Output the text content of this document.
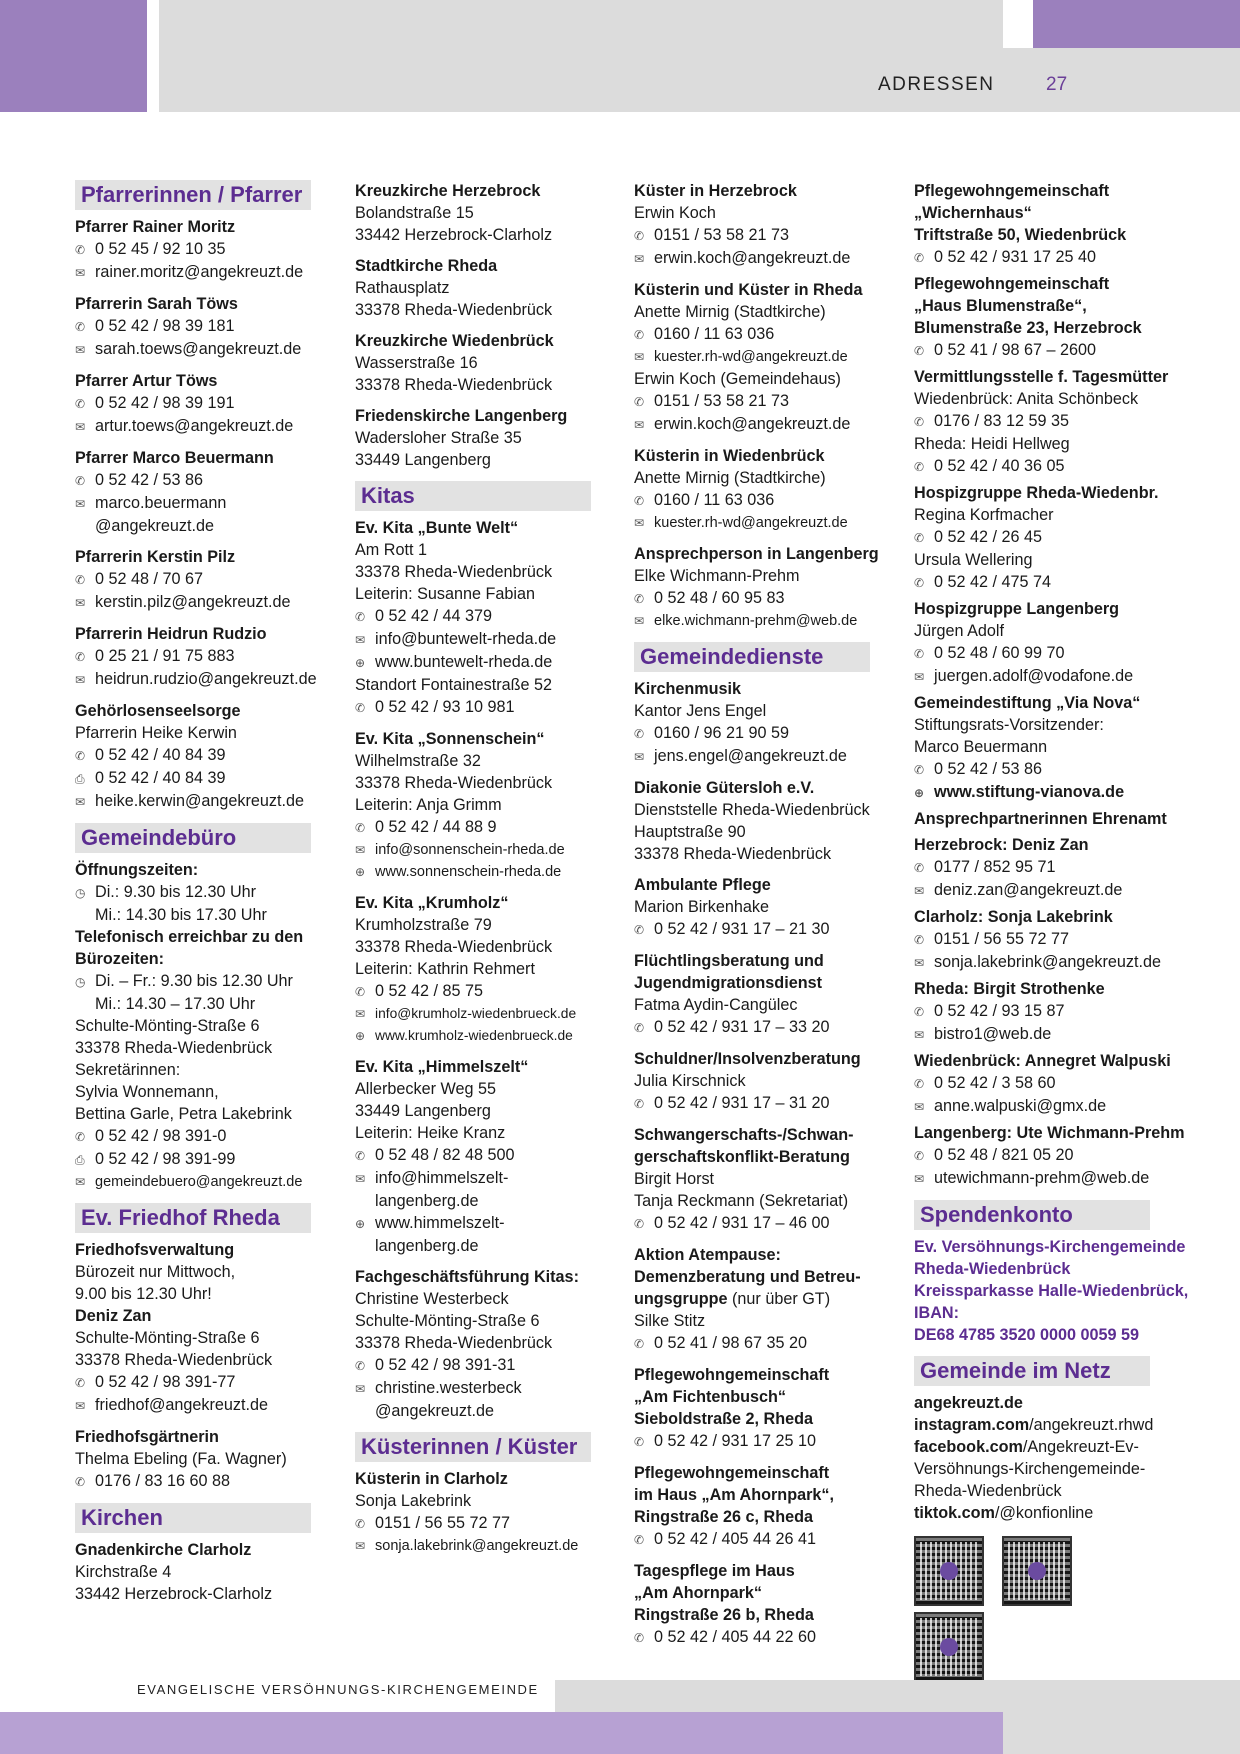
ADRESSEN	27
Pfarrerinnen / Pfarrer
Pfarrer Rainer Moritz
✆ 0 52 45 / 92 10 35
✉ rainer.moritz@angekreuzt.de
Pfarrerin Sarah Töws
✆ 0 52 42 / 98 39 181
✉ sarah.toews@angekreuzt.de
Pfarrer Artur Töws
✆ 0 52 42 / 98 39 191
✉ artur.toews@angekreuzt.de
Pfarrer Marco Beuermann
✆ 0 52 42 / 53 86
✉ marco.beuermann
@angekreuzt.de
Pfarrerin Kerstin Pilz
✆ 0 52 48 / 70 67
✉ kerstin.pilz@angekreuzt.de
Pfarrerin Heidrun Rudzio
✆ 0 25 21 / 91 75 883
✉ heidrun.rudzio@angekreuzt.de
Gehörlosenseelsorge
Pfarrerin Heike Kerwin
✆ 0 52 42 / 40 84 39
⎙ 0 52 42 / 40 84 39
✉ heike.kerwin@angekreuzt.de
Gemeindebüro
Öffnungszeiten:
◷ Di.: 9.30 bis 12.30 Uhr
Mi.: 14.30 bis 17.30 Uhr
Telefonisch erreichbar zu den
Bürozeiten:
◷ Di. – Fr.: 9.30 bis 12.30 Uhr
Mi.: 14.30 – 17.30 Uhr
Schulte-Mönting-Straße 6
33378 Rheda-Wiedenbrück
Sekretärinnen:
Sylvia Wonnemann,
Bettina Garle, Petra Lakebrink
✆ 0 52 42 / 98 391-0
⎙ 0 52 42 / 98 391-99
✉ gemeindebuero@angekreuzt.de
Ev. Friedhof Rheda
Friedhofsverwaltung
Bürozeit nur Mittwoch,
9.00 bis 12.30 Uhr!
Deniz Zan
Schulte-Mönting-Straße 6
33378 Rheda-Wiedenbrück
✆ 0 52 42 / 98 391-77
✉ friedhof@angekreuzt.de
Friedhofsgärtnerin
Thelma Ebeling (Fa. Wagner)
✆ 0176 / 83 16 60 88
Kirchen
Gnadenkirche Clarholz
Kirchstraße 4
33442 Herzebrock-Clarholz
Kreuzkirche Herzebrock
Bolandstraße 15
33442 Herzebrock-Clarholz
Stadtkirche Rheda
Rathausplatz
33378 Rheda-Wiedenbrück
Kreuzkirche Wiedenbrück
Wasserstraße 16
33378 Rheda-Wiedenbrück
Friedenskirche Langenberg
Wadersloher Straße 35
33449 Langenberg
Kitas
Ev. Kita „Bunte Welt“
Am Rott 1
33378 Rheda-Wiedenbrück
Leiterin: Susanne Fabian
✆ 0 52 42 / 44 379
✉ info@buntewelt-rheda.de
⊕ www.buntewelt-rheda.de
Standort Fontainestraße 52
✆ 0 52 42 / 93 10 981
Ev. Kita „Sonnenschein“
Wilhelmstraße 32
33378 Rheda-Wiedenbrück
Leiterin: Anja Grimm
✆ 0 52 42 / 44 88 9
✉ info@sonnenschein-rheda.de
⊕ www.sonnenschein-rheda.de
Ev. Kita „Krumholz“
Krumholzstraße 79
33378 Rheda-Wiedenbrück
Leiterin: Kathrin Rehmert
✆ 0 52 42 / 85 75
✉ info@krumholz-wiedenbrueck.de
⊕ www.krumholz-wiedenbrueck.de
Ev. Kita „Himmelszelt“
Allerbecker Weg 55
33449 Langenberg
Leiterin: Heike Kranz
✆ 0 52 48 / 82 48 500
✉ info@himmelszelt-
langenberg.de
⊕ www.himmelszelt-
langenberg.de
Fachgeschäftsführung Kitas:
Christine Westerbeck
Schulte-Mönting-Straße 6
33378 Rheda-Wiedenbrück
✆ 0 52 42 / 98 391-31
✉ christine.westerbeck
@angekreuzt.de
Küsterinnen / Küster
Küsterin in Clarholz
Sonja Lakebrink
✆ 0151 / 56 55 72 77
✉ sonja.lakebrink@angekreuzt.de
Küster in Herzebrock
Erwin Koch
✆ 0151 / 53 58 21 73
✉ erwin.koch@angekreuzt.de
Küsterin und Küster in Rheda
Anette Mirnig (Stadtkirche)
✆ 0160 / 11 63 036
✉ kuester.rh-wd@angekreuzt.de
Erwin Koch (Gemeindehaus)
✆ 0151 / 53 58 21 73
✉ erwin.koch@angekreuzt.de
Küsterin in Wiedenbrück
Anette Mirnig (Stadtkirche)
✆ 0160 / 11 63 036
✉ kuester.rh-wd@angekreuzt.de
Ansprechperson in Langenberg
Elke Wichmann-Prehm
✆ 0 52 48 / 60 95 83
✉ elke.wichmann-prehm@web.de
Gemeindedienste
Kirchenmusik
Kantor Jens Engel
✆ 0160 / 96 21 90 59
✉ jens.engel@angekreuzt.de
Diakonie Gütersloh e.V.
Dienststelle Rheda-Wiedenbrück
Hauptstraße 90
33378 Rheda-Wiedenbrück
Ambulante Pflege
Marion Birkenhake
✆ 0 52 42 / 931 17 – 21 30
Flüchtlingsberatung und
Jugendmigrationsdienst
Fatma Aydin-Cangülec
✆ 0 52 42 / 931 17 – 33 20
Schuldner/Insolvenzberatung
Julia Kirschnick
✆ 0 52 42 / 931 17 – 31 20
Schwangerschafts-/Schwan-
gerschaftskonflikt-Beratung
Birgit Horst
Tanja Reckmann (Sekretariat)
✆ 0 52 42 / 931 17 – 46 00
Aktion Atempause:
Demenzberatung und Betreu-
ungsgruppe (nur über GT)
Silke Stitz
✆ 0 52 41 / 98 67 35 20
Pflegewohngemeinschaft
„Am Fichtenbusch“
Sieboldstraße 2, Rheda
✆ 0 52 42 / 931 17 25 10
Pflegewohngemeinschaft
im Haus „Am Ahornpark“,
Ringstraße 26 c, Rheda
✆ 0 52 42 / 405 44 26 41
Tagespflege im Haus
„Am Ahornpark“
Ringstraße 26 b, Rheda
✆ 0 52 42 / 405 44 22 60
Pflegewohngemeinschaft
„Wichernhaus“
Triftstraße 50, Wiedenbrück
✆ 0 52 42 / 931 17 25 40
Pflegewohngemeinschaft
„Haus Blumenstraße“,
Blumenstraße 23, Herzebrock
✆ 0 52 41 / 98 67 – 2600
Vermittlungsstelle f. Tagesmütter
Wiedenbrück: Anita Schönbeck
✆ 0176 / 83 12 59 35
Rheda: Heidi Hellweg
✆ 0 52 42 / 40 36 05
Hospizgruppe Rheda-Wiedenbr.
Regina Korfmacher
✆ 0 52 42 / 26 45
Ursula Wellering
✆ 0 52 42 / 475 74
Hospizgruppe Langenberg
Jürgen Adolf
✆ 0 52 48 / 60 99 70
✉ juergen.adolf@vodafone.de
Gemeindestiftung „Via Nova“
Stiftungsrats-Vorsitzender:
Marco Beuermann
✆ 0 52 42 / 53 86
⊕ www.stiftung-vianova.de
Ansprechpartnerinnen Ehrenamt
Herzebrock: Deniz Zan
✆ 0177 / 852 95 71
✉ deniz.zan@angekreuzt.de
Clarholz: Sonja Lakebrink
✆ 0151 / 56 55 72 77
✉ sonja.lakebrink@angekreuzt.de
Rheda: Birgit Strothenke
✆ 0 52 42 / 93 15 87
✉ bistro1@web.de
Wiedenbrück: Annegret Walpuski
✆ 0 52 42 / 3 58 60
✉ anne.walpuski@gmx.de
Langenberg: Ute Wichmann-Prehm
✆ 0 52 48 / 821 05 20
✉ utewichmann-prehm@web.de
Spendenkonto
Ev. Versöhnungs-Kirchengemeinde
Rheda-Wiedenbrück
Kreissparkasse Halle-Wiedenbrück,
IBAN:
DE68 4785 3520 0000 0059 59
Gemeinde im Netz
angekreuzt.de
instagram.com/angekreuzt.rhwd
facebook.com/Angekreuzt-Ev-
Versöhnungs-Kirchengemeinde-
Rheda-Wiedenbrück
tiktok.com/@konfionline
EVANGELISCHE VERSÖHNUNGS-KIRCHENGEMEINDE
